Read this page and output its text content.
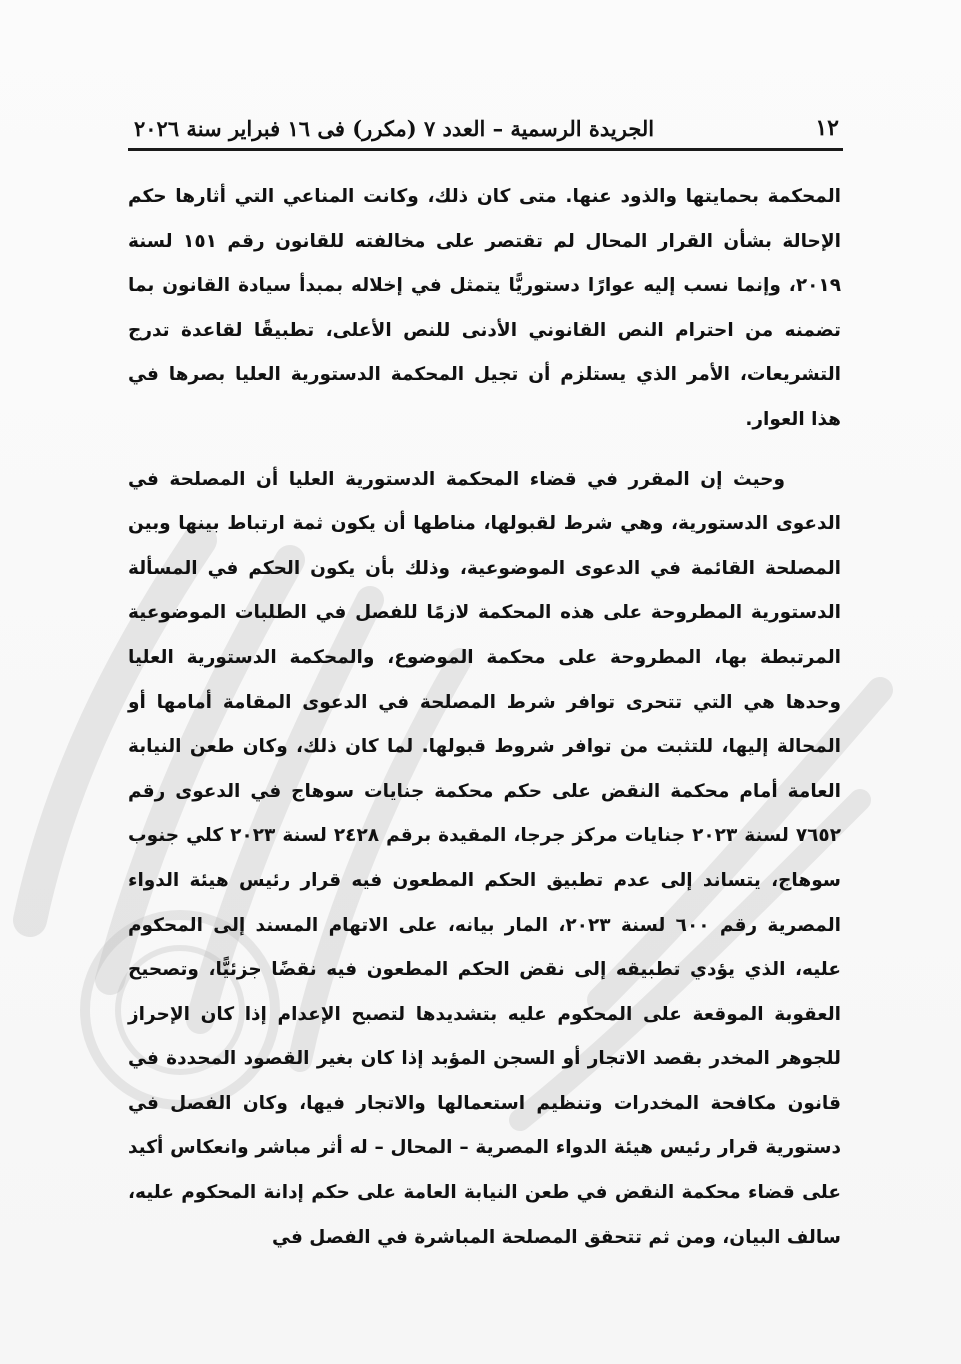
١٢
الجريدة الرسمية – العدد ٧ (مكرر) فى ١٦ فبراير سنة ٢٠٢٦

المحكمة بحمايتها والذود عنها. متى كان ذلك، وكانت المناعي التي أثارها حكم الإحالة بشأن القرار المحال لم تقتصر على مخالفته للقانون رقم ١٥١ لسنة ٢٠١٩، وإنما نسب إليه عوارًا دستوريًّا يتمثل في إخلاله بمبدأ سيادة القانون بما تضمنه من احترام النص القانوني الأدنى للنص الأعلى، تطبيقًا لقاعدة تدرج التشريعات، الأمر الذي يستلزم أن تجيل المحكمة الدستورية العليا بصرها في هذا العوار.

وحيث إن المقرر في قضاء المحكمة الدستورية العليا أن المصلحة في الدعوى الدستورية، وهي شرط لقبولها، مناطها أن يكون ثمة ارتباط بينها وبين المصلحة القائمة في الدعوى الموضوعية، وذلك بأن يكون الحكم في المسألة الدستورية المطروحة على هذه المحكمة لازمًا للفصل في الطلبات الموضوعية المرتبطة بها، المطروحة على محكمة الموضوع، والمحكمة الدستورية العليا وحدها هي التي تتحرى توافر شرط المصلحة في الدعوى المقامة أمامها أو المحالة إليها، للتثبت من توافر شروط قبولها. لما كان ذلك، وكان طعن النيابة العامة أمام محكمة النقض على حكم محكمة جنايات سوهاج في الدعوى رقم ٧٦٥٢ لسنة ٢٠٢٣ جنايات مركز جرجا، المقيدة برقم ٢٤٢٨ لسنة ٢٠٢٣ كلي جنوب سوهاج، يتساند إلى عدم تطبيق الحكم المطعون فيه قرار رئيس هيئة الدواء المصرية رقم ٦٠٠ لسنة ٢٠٢٣، المار بيانه، على الاتهام المسند إلى المحكوم عليه، الذي يؤدي تطبيقه إلى نقض الحكم المطعون فيه نقضًا جزئيًّا، وتصحيح العقوبة الموقعة على المحكوم عليه بتشديدها لتصبح الإعدام إذا كان الإحراز للجوهر المخدر بقصد الاتجار أو السجن المؤبد إذا كان بغير القصود المحددة في قانون مكافحة المخدرات وتنظيم استعمالها والاتجار فيها، وكان الفصل في دستورية قرار رئيس هيئة الدواء المصرية – المحال – له أثر مباشر وانعكاس أكيد على قضاء محكمة النقض في طعن النيابة العامة على حكم إدانة المحكوم عليه، سالف البيان، ومن ثم تتحقق المصلحة المباشرة في الفصل في
